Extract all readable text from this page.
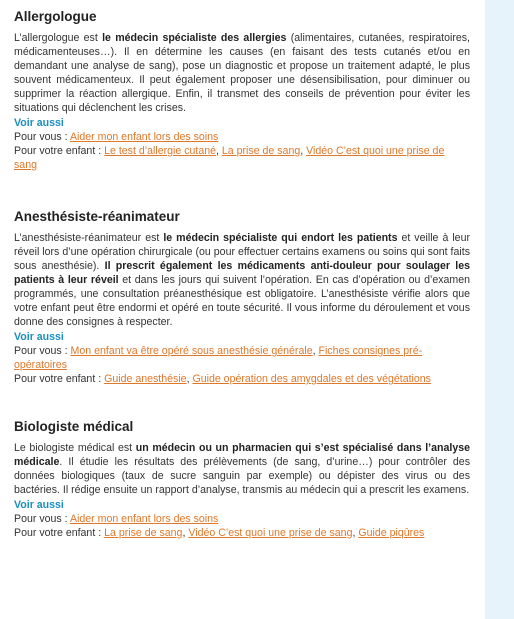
Allergologue

L’allergologue est le médecin spécialiste des allergies (alimentaires, cutanées, respiratoires, médicamenteuses…). Il en détermine les causes (en faisant des tests cutanés et/ou en demandant une analyse de sang), pose un diagnostic et propose un traitement adapté, le plus souvent médicamenteux. Il peut également proposer une désensibilisation, pour diminuer ou supprimer la réaction allergique. Enfin, il transmet des conseils de prévention pour éviter les situations qui déclenchent les crises.

Voir aussi

Pour vous : Aider mon enfant lors des soins

Pour votre enfant : Le test d’allergie cutané, La prise de sang, Vidéo C’est quoi une prise de sang

Anesthésiste-réanimateur

L’anesthésiste-réanimateur est le médecin spécialiste qui endort les patients et veille à leur réveil lors d’une opération chirurgicale (ou pour effectuer certains examens ou soins qui sont faits sous anesthésie). Il prescrit également les médicaments anti-douleur pour soulager les patients à leur réveil et dans les jours qui suivent l’opération. En cas d’opération ou d’examen programmés, une consultation préanesthésique est obligatoire. L’anesthésiste vérifie alors que votre enfant peut être endormi et opéré en toute sécurité. Il vous informe du déroulement et vous donne des consignes à respecter.

Voir aussi

Pour vous : Mon enfant va être opéré sous anesthésie générale, Fiches consignes pré-opératoires

Pour votre enfant : Guide anesthésie, Guide opération des amygdales et des végétations

Biologiste médical

Le biologiste médical est un médecin ou un pharmacien qui s’est spécialisé dans l’analyse médicale. Il étudie les résultats des prélèvements (de sang, d’urine…) pour contrôler des données biologiques (taux de sucre sanguin par exemple) ou dépister des virus ou des bactéries. Il rédige ensuite un rapport d’analyse, transmis au médecin qui a prescrit les examens.

Voir aussi

Pour vous : Aider mon enfant lors des soins

Pour votre enfant : La prise de sang, Vidéo C’est quoi une prise de sang, Guide piqûres
